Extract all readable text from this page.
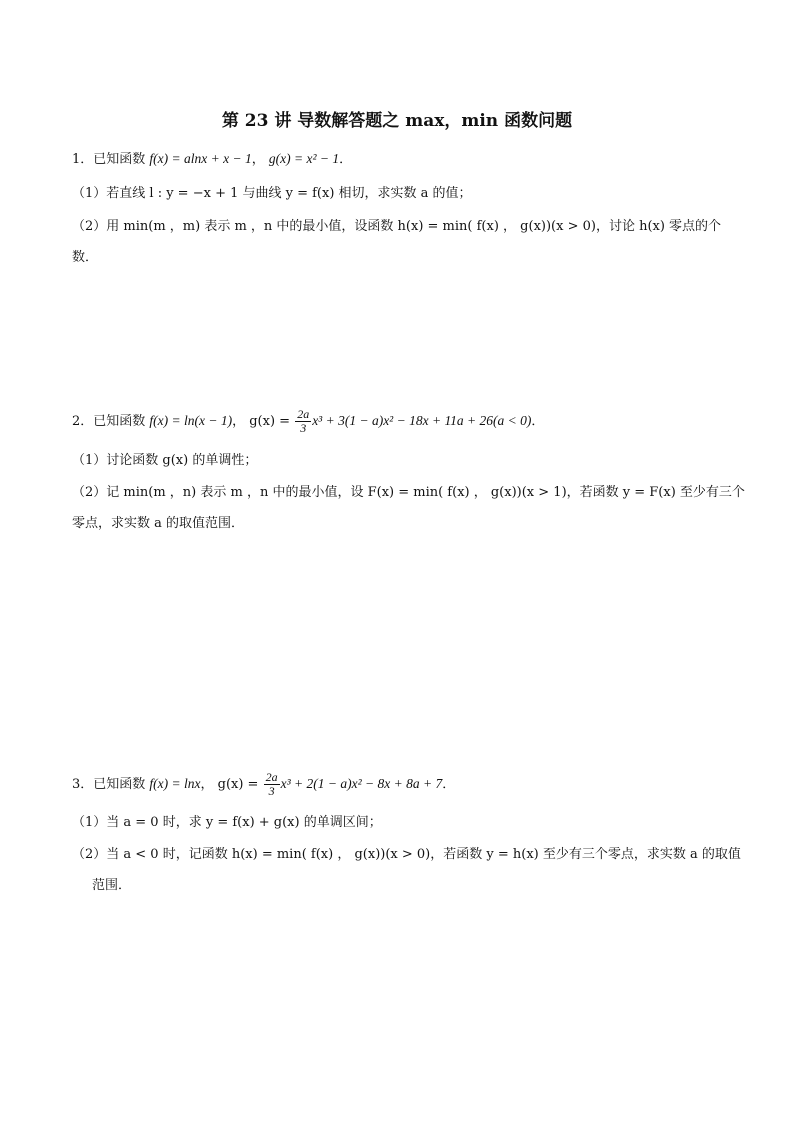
第 23 讲 导数解答题之 max，min 函数问题
1．已知函数 f(x) = alnx + x − 1， g(x) = x² − 1．
（1）若直线 l : y = −x + 1 与曲线 y = f(x) 相切，求实数 a 的值；
（2）用 min(m ，m) 表示 m ，n 中的最小值，设函数 h(x) = min( f(x) ， g(x))(x > 0)，讨论 h(x) 零点的个
数．
2．已知函数 f(x) = ln(x − 1)， $g(x) = \frac{2a}{3} x^3 + 3(1 - a)x^2 - 18x + 11a + 26(a < 0)$．
（1）讨论函数 g(x) 的单调性；
（2）记 min(m ，n) 表示 m ，n 中的最小值，设 F(x) = min( f(x) ， g(x))(x > 1)，若函数 y = F(x) 至少有三个
零点，求实数 a 的取值范围．
3．已知函数 f(x) = lnx， $g(x) = \frac{2a}{3} x^3 + 2(1 - a)x^2 - 8x + 8a + 7$．
（1）当 a = 0 时，求 y = f(x) + g(x) 的单调区间；
（2）当 a < 0 时，记函数 h(x) = min( f(x) ， g(x))(x > 0)，若函数 y = h(x) 至少有三个零点，求实数 a 的取值
范围．
